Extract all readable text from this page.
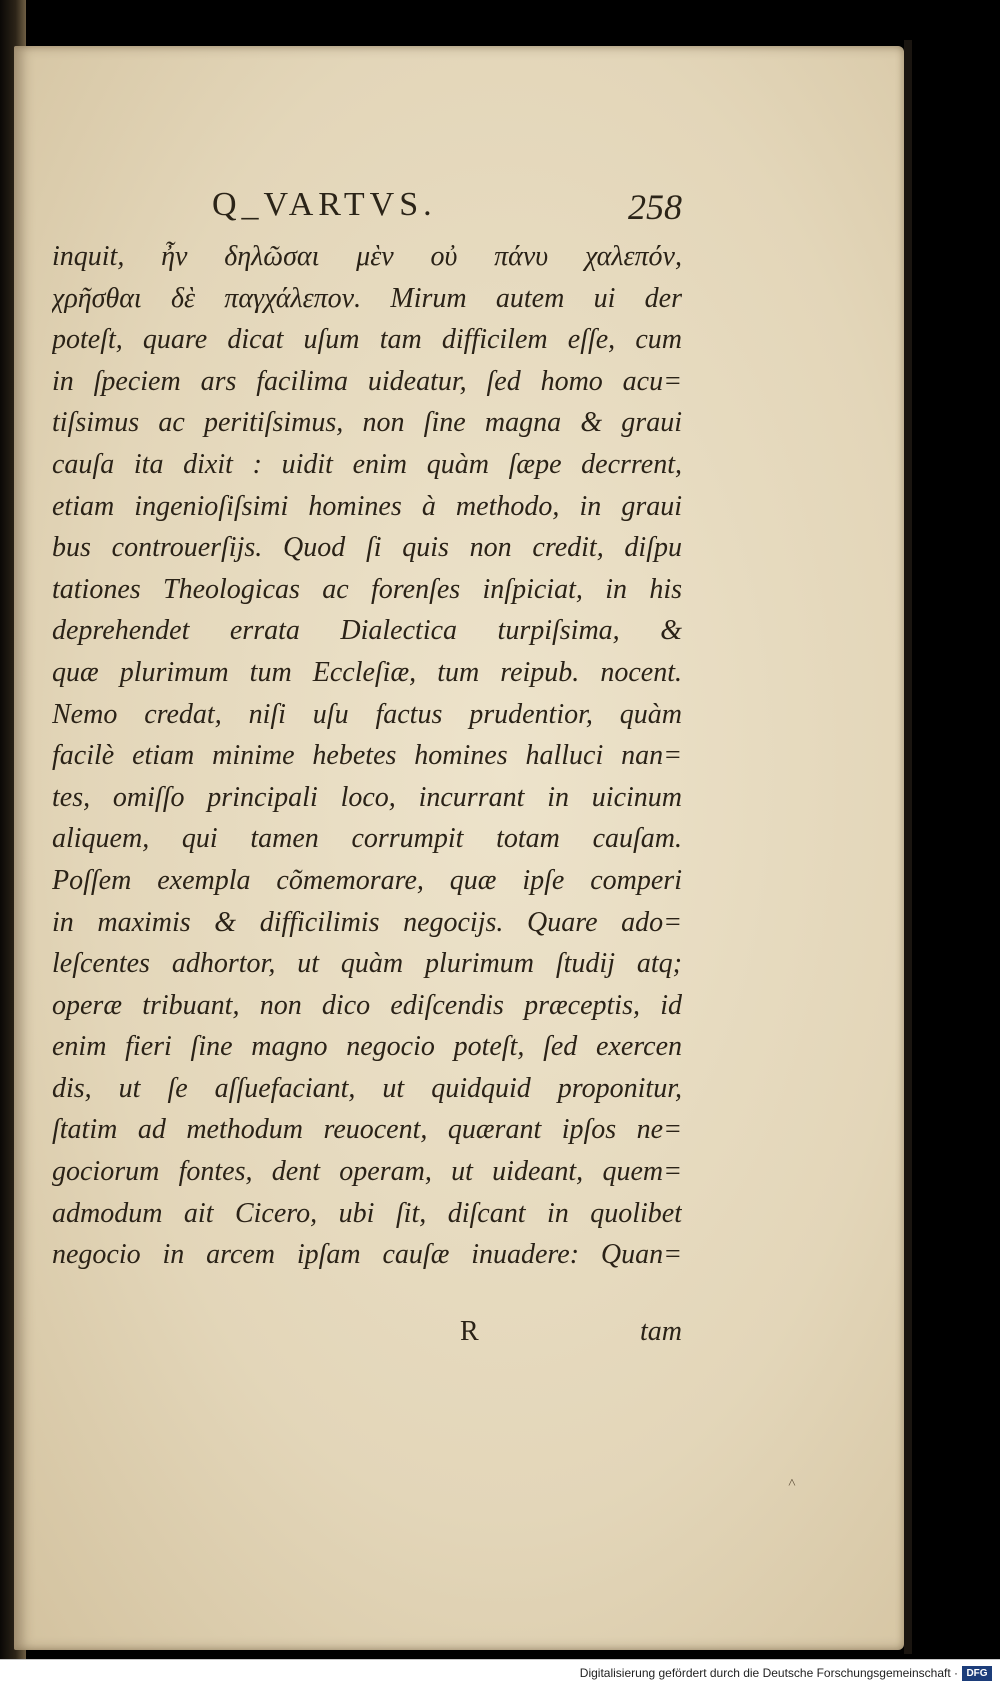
Q_VARTVS.	258
inquit, ἦν δηλῶσαι μὲν οὐ πάνυ χαλεπόν,
χρῆσθαι δὲ παγχάλεπον. Mirum autem ui der
poteſt, quare dicat uſum tam difficilem eſſe, cum
in ſpeciem ars facilima uideatur, ſed homo acu=
tiſsimus ac peritiſsimus, non ſine magna & graui
cauſa ita dixit : uidit enim quàm ſæpe decrrent,
etiam ingenioſiſsimi homines à methodo, in graui
bus controuerſijs. Quod ſi quis non credit, diſpu
tationes Theologicas ac forenſes inſpiciat, in his
deprehendet errata Dialectica turpiſsima, &
quæ plurimum tum Eccleſiæ, tum reipub. nocent.
Nemo credat, niſi uſu factus prudentior, quàm
facilè etiam minime hebetes homines halluci nan=
tes, omiſſo principali loco, incurrant in uicinum
aliquem, qui tamen corrumpit totam cauſam.
Poſſem exempla cõmemorare, quæ ipſe comperi
in maximis & difficilimis negocijs. Quare ado=
leſcentes adhortor, ut quàm plurimum ſtudij atq;
operæ tribuant, non dico ediſcendis præceptis, id
enim fieri ſine magno negocio poteſt, ſed exercen
dis, ut ſe aſſuefaciant, ut quidquid proponitur,
ſtatim ad methodum reuocent, quærant ipſos ne=
gociorum fontes, dent operam, ut uideant, quem=
admodum ait Cicero, ubi ſit, diſcant in quolibet
negocio in arcem ipſam cauſæ inuadere: Quan=
R	tam
˄
Digitalisierung gefördert durch die Deutsche Forschungsgemeinschaft · DFG
